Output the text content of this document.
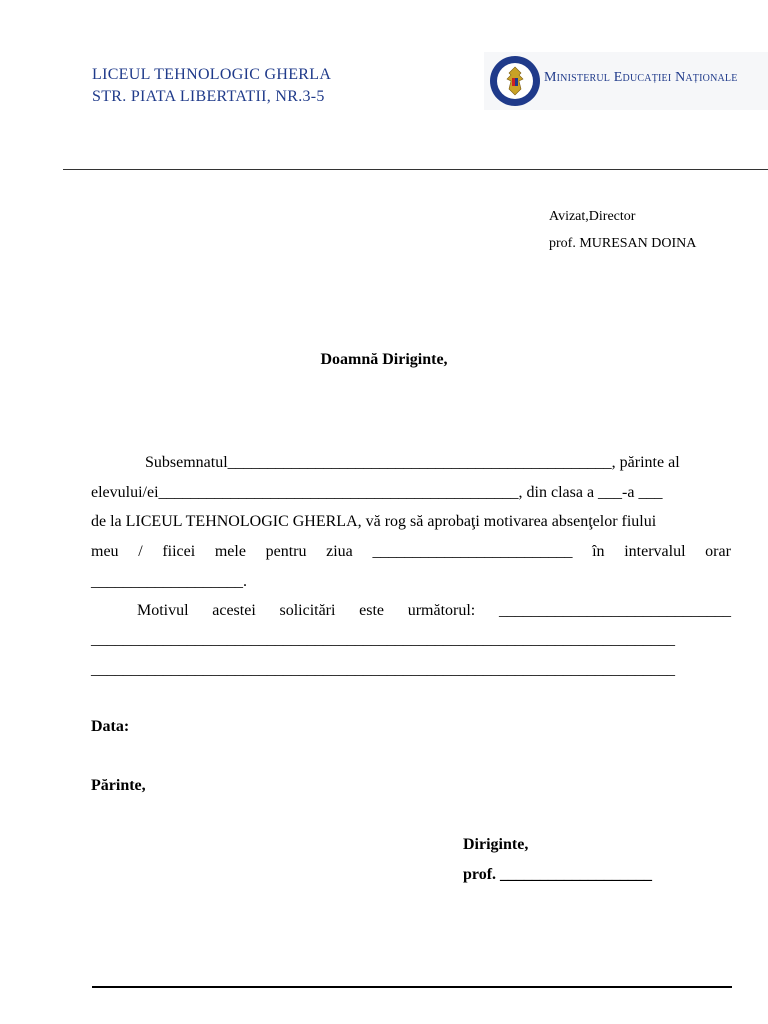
LICEUL TEHNOLOGIC GHERLA
STR. PIATA LIBERTATII, NR.3-5
Ministerul Educației Naționale
Avizat,Director
prof. MURESAN DOINA
Doamnă Diriginte,
Subsemnatul________________________________________________, părinte al
elevului/ei_____________________________________________, din clasa a ___-a ___
de la LICEUL TEHNOLOGIC GHERLA, vă rog să aprobaţi motivarea absenţelor fiului
meu / fiicei mele pentru ziua _________________________ în intervalul orar
___________________.
Motivul acestei solicitări este următorul: _____________________________
_________________________________________________________________________
_________________________________________________________________________
Data:
Părinte,
Diriginte,
prof. ___________________
